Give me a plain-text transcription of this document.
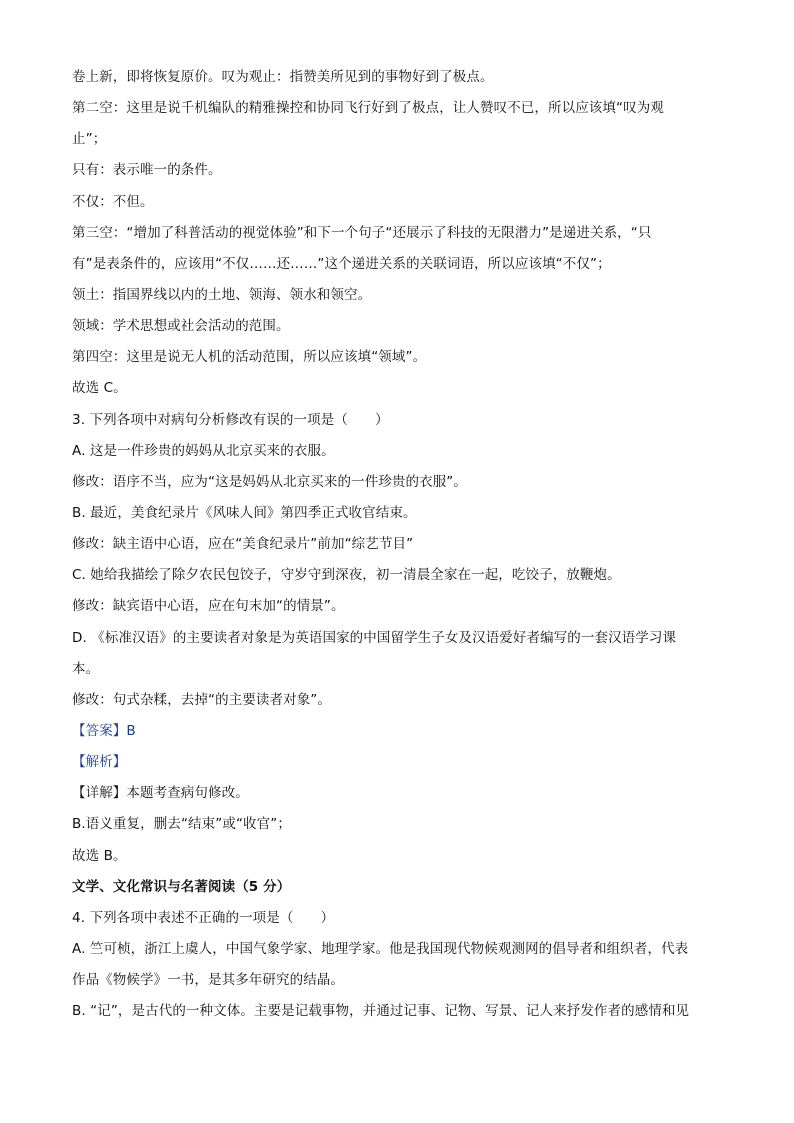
卷上新，即将恢复原价。叹为观止：指赞美所见到的事物好到了极点。
第二空：这里是说千机编队的精雅操控和协同飞行好到了极点，让人赞叹不已，所以应该填“叹为观
止”；
只有：表示唯一的条件。
不仅：不但。
第三空：“增加了科普活动的视觉体验”和下一个句子“还展示了科技的无限潜力”是递进关系，“只
有”是表条件的，应该用“不仅……还……”这个递进关系的关联词语，所以应该填“不仅”；
领土：指国界线以内的土地、领海、领水和领空。
领域：学术思想或社会活动的范围。
第四空：这里是说无人机的活动范围，所以应该填“领域”。
故选 C。
3. 下列各项中对病句分析修改有误的一项是（　　）
A. 这是一件珍贵的妈妈从北京买来的衣服。
修改：语序不当，应为“这是妈妈从北京买来的一件珍贵的衣服”。
B. 最近，美食纪录片《风味人间》第四季正式收官结束。
修改：缺主语中心语，应在“美食纪录片”前加“综艺节目”
C. 她给我描绘了除夕农民包饺子，守岁守到深夜，初一清晨全家在一起，吃饺子，放鞭炮。
修改：缺宾语中心语，应在句末加“的情景”。
D. 《标准汉语》的主要读者对象是为英语国家的中国留学生子女及汉语爱好者编写的一套汉语学习课
本。
修改：句式杂糅，去掉“的主要读者对象”。
【答案】B
【解析】
【详解】本题考查病句修改。
B.语义重复，删去“结束”或“收官”；
故选 B。
文学、文化常识与名著阅读（5 分）
4. 下列各项中表述不正确的一项是（　　）
A. 竺可桢，浙江上虞人，中国气象学家、地理学家。他是我国现代物候观测网的倡导者和组织者，代表
作品《物候学》一书，是其多年研究的结晶。
B. “记”，是古代的一种文体。主要是记载事物，并通过记事、记物、写景、记人来抒发作者的感情和见
